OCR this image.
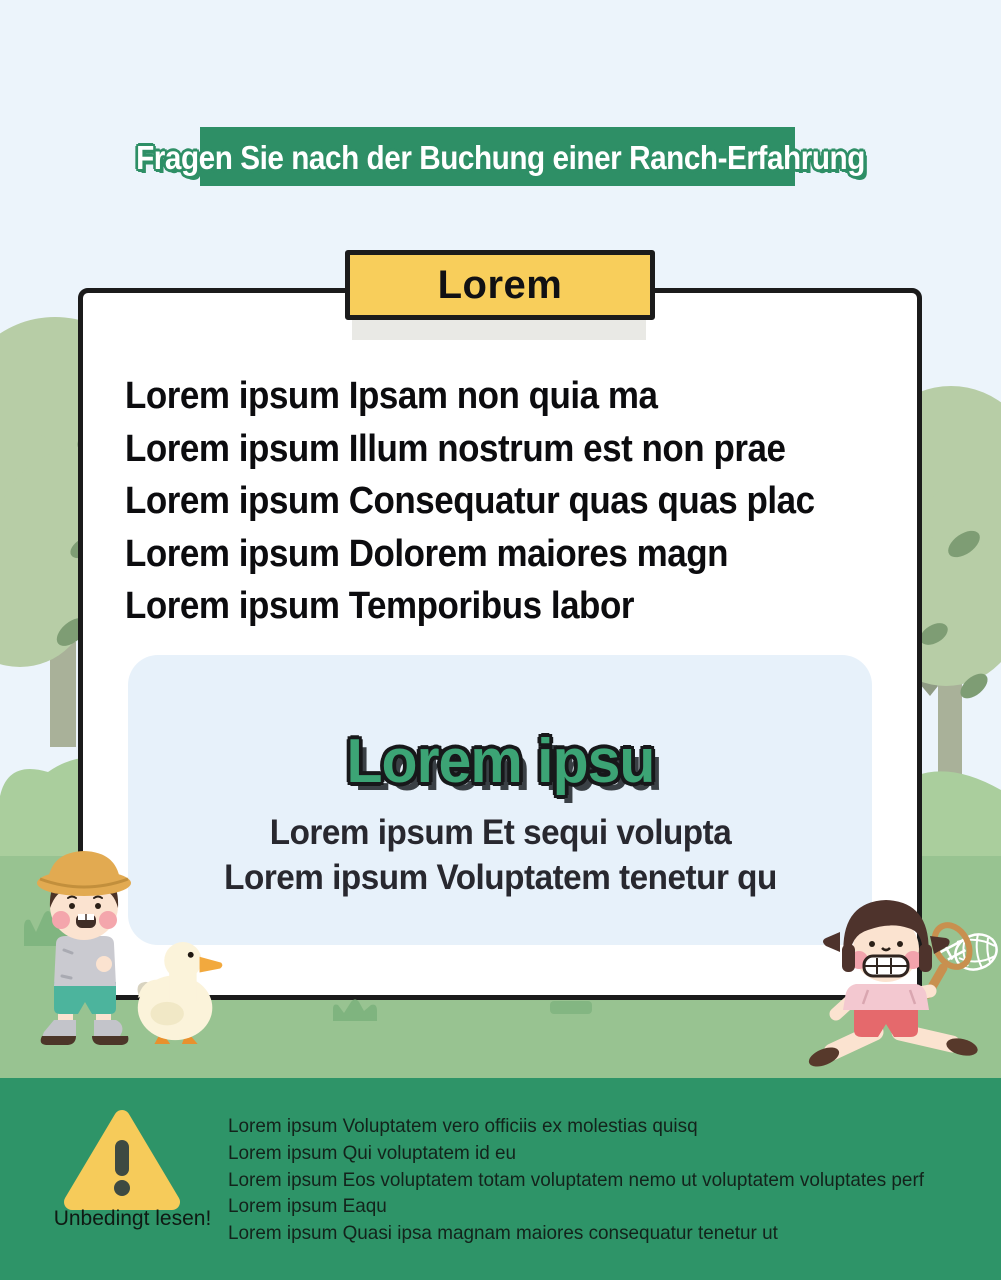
Fragen Sie nach der Buchung einer Ranch-Erfahrung
Lorem
Lorem ipsum Ipsam non quia ma
Lorem ipsum Illum nostrum est non prae
Lorem ipsum Consequatur quas quas plac
Lorem ipsum Dolorem maiores magn
Lorem ipsum Temporibus labor
Lorem ipsu
Lorem ipsum Et sequi volupta
Lorem ipsum Voluptatem tenetur qu
Unbedingt lesen!
Lorem ipsum Voluptatem vero officiis ex molestias quisq
Lorem ipsum Qui voluptatem id eu
Lorem ipsum Eos voluptatem totam voluptatem nemo ut voluptatem voluptates perf
Lorem ipsum Eaqu
Lorem ipsum Quasi ipsa magnam maiores consequatur tenetur ut
